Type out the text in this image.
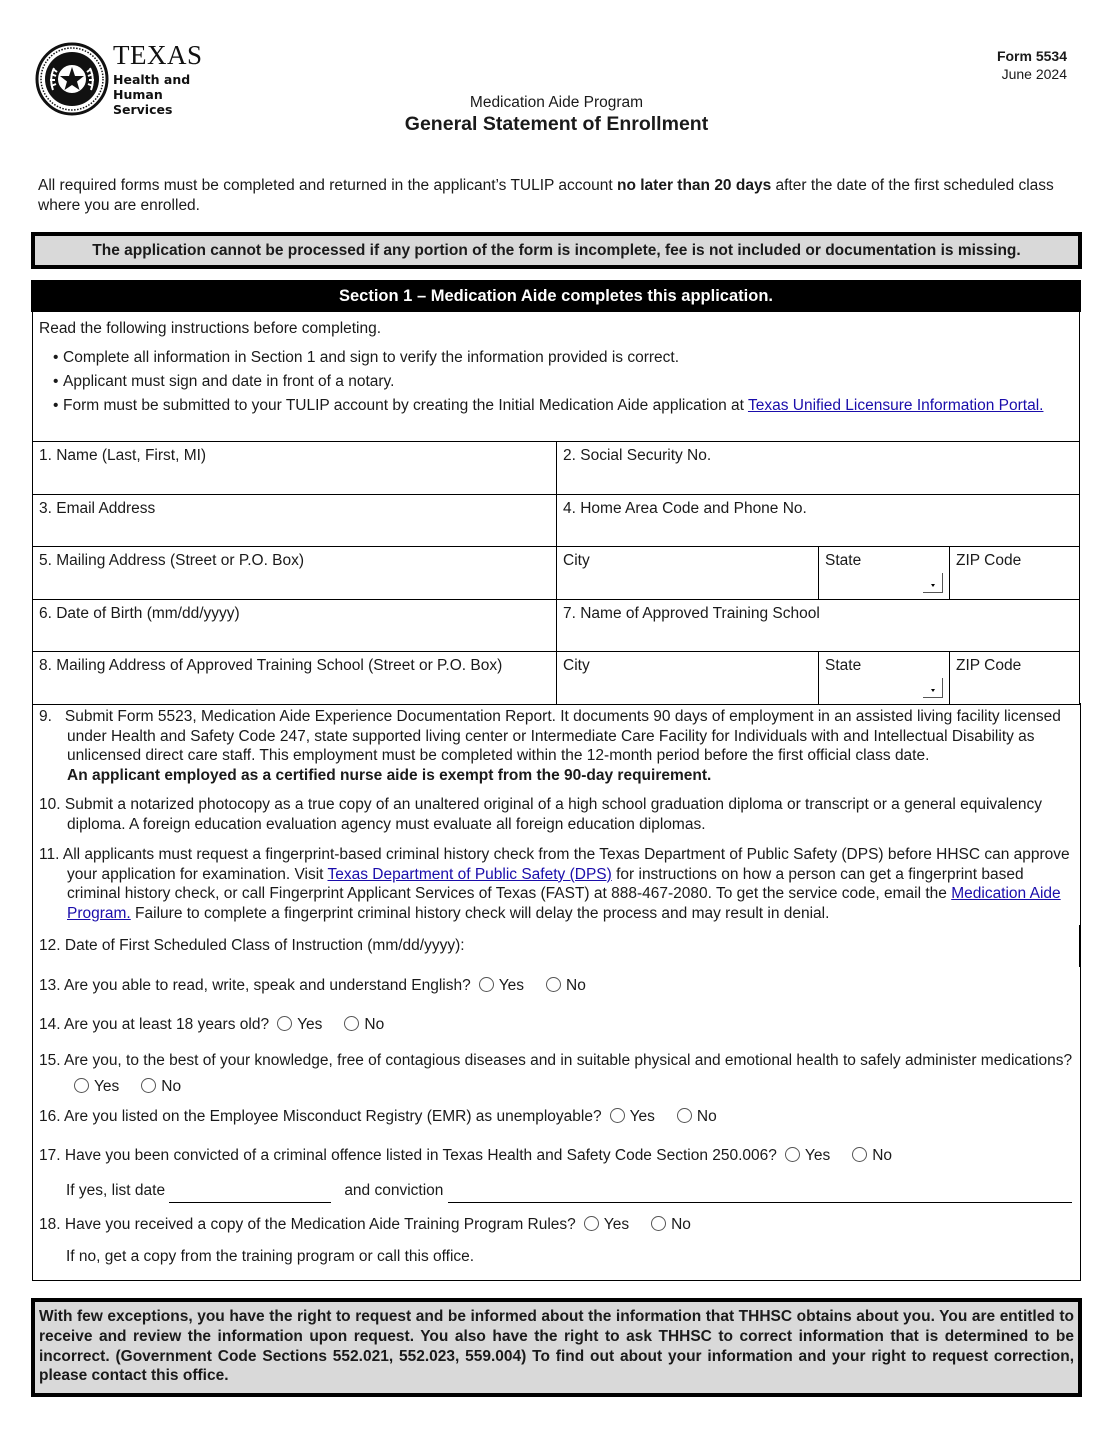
TEXAS
Health and Human
Services
Form 5534
June 2024
Medication Aide Program
General Statement of Enrollment
All required forms must be completed and returned in the applicant’s TULIP account no later than 20 days after the date of the first scheduled class where you are enrolled.
The application cannot be processed if any portion of the form is incomplete, fee is not included or documentation is missing.
Section 1 – Medication Aide completes this application.
Read the following instructions before completing.
• Complete all information in Section 1 and sign to verify the information provided is correct.
• Applicant must sign and date in front of a notary.
• Form must be submitted to your TULIP account by creating the Initial Medication Aide application at Texas Unified Licensure Information Portal.
1. Name (Last, First, MI)	2. Social Security No.
3. Email Address	4. Home Area Code and Phone No.
5. Mailing Address (Street or P.O. Box)	City	State	ZIP Code
6. Date of Birth (mm/dd/yyyy)	7. Name of Approved Training School
8. Mailing Address of Approved Training School (Street or P.O. Box)	City	State	ZIP Code
9. Submit Form 5523, Medication Aide Experience Documentation Report. It documents 90 days of employment in an assisted living facility licensed under Health and Safety Code 247, state supported living center or Intermediate Care Facility for Individuals with and Intellectual Disability as unlicensed direct care staff. This employment must be completed within the 12-month period before the first official class date.
An applicant employed as a certified nurse aide is exempt from the 90-day requirement.
10. Submit a notarized photocopy as a true copy of an unaltered original of a high school graduation diploma or transcript or a general equivalency diploma. A foreign education evaluation agency must evaluate all foreign education diplomas.
11. All applicants must request a fingerprint-based criminal history check from the Texas Department of Public Safety (DPS) before HHSC can approve your application for examination. Visit Texas Department of Public Safety (DPS) for instructions on how a person can get a fingerprint based criminal history check, or call Fingerprint Applicant Services of Texas (FAST) at 888-467-2080. To get the service code, email the Medication Aide Program. Failure to complete a fingerprint criminal history check will delay the process and may result in denial.
12. Date of First Scheduled Class of Instruction (mm/dd/yyyy):
13. Are you able to read, write, speak and understand English? Yes	No
14. Are you at least 18 years old? Yes	No
15. Are you, to the best of your knowledge, free of contagious diseases and in suitable physical and emotional health to safely administer medications?Yes	No
16. Are you listed on the Employee Misconduct Registry (EMR) as unemployable? Yes	No
17. Have you been convicted of a criminal offence listed in Texas Health and Safety Code Section 250.006? Yes	No
If yes, list date	and conviction
18. Have you received a copy of the Medication Aide Training Program Rules? Yes	No
If no, get a copy from the training program or call this office.
With few exceptions, you have the right to request and be informed about the information that THHSC obtains about you. You are entitled to receive and review the information upon request. You also have the right to ask THHSC to correct information that is determined to be incorrect. (Government Code Sections 552.021, 552.023, 559.004) To find out about your information and your right to request correction, please contact this office.
